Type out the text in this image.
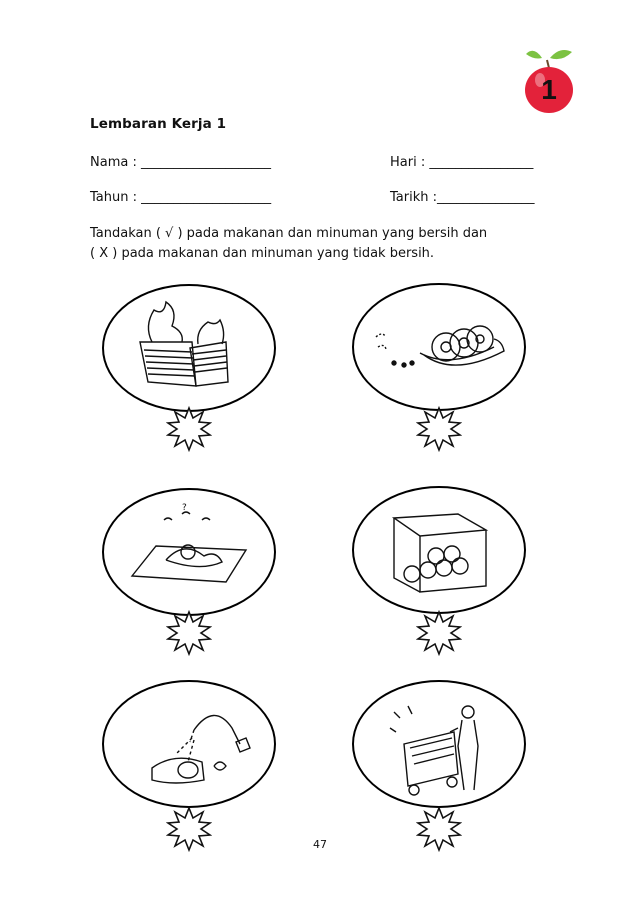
1
Lembaran Kerja 1
Nama : ____________________	Hari : ________________
Tahun : ____________________	Tarikh :_______________

Tandakan ( √ ) pada makanan dan minuman yang bersih dan

( X ) pada makanan dan minuman yang tidak bersih.

?
47
